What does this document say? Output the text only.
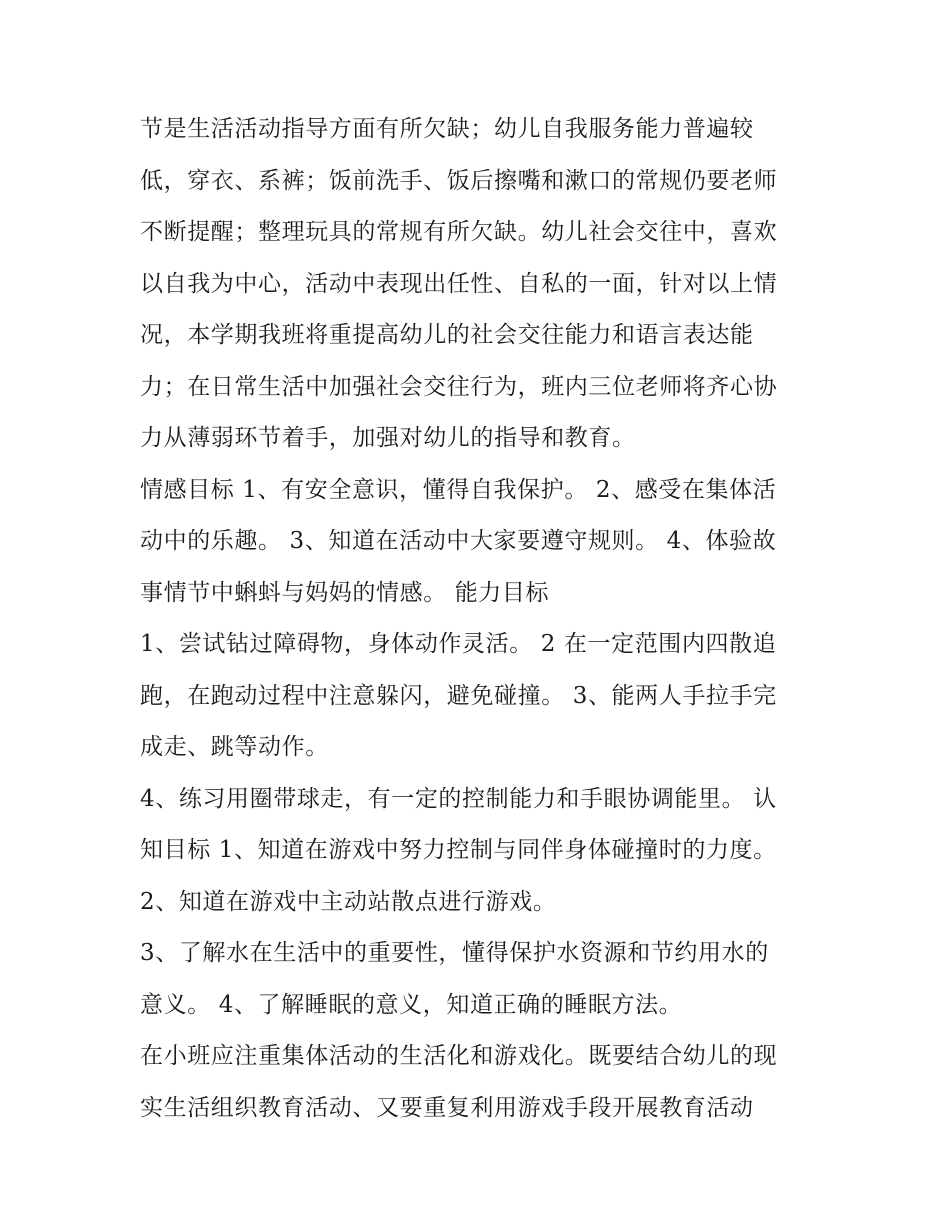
节是生活活动指导方面有所欠缺；幼儿自我服务能力普遍较
低，穿衣、系裤；饭前洗手、饭后擦嘴和漱口的常规仍要老师
不断提醒；整理玩具的常规有所欠缺。幼儿社会交往中，喜欢
以自我为中心，活动中表现出任性、自私的一面，针对以上情
况，本学期我班将重提高幼儿的社会交往能力和语言表达能
力；在日常生活中加强社会交往行为，班内三位老师将齐心协
力从薄弱环节着手，加强对幼儿的指导和教育。
情感目标 1、有安全意识，懂得自我保护。 2、感受在集体活
动中的乐趣。 3、知道在活动中大家要遵守规则。 4、体验故
事情节中蝌蚪与妈妈的情感。 能力目标
1、尝试钻过障碍物，身体动作灵活。 2 在一定范围内四散追
跑，在跑动过程中注意躲闪，避免碰撞。 3、能两人手拉手完
成走、跳等动作。
4、练习用圈带球走，有一定的控制能力和手眼协调能里。 认
知目标 1、知道在游戏中努力控制与同伴身体碰撞时的力度。
2、知道在游戏中主动站散点进行游戏。
3、了解水在生活中的重要性，懂得保护水资源和节约用水的
意义。 4、了解睡眠的意义，知道正确的睡眠方法。
在小班应注重集体活动的生活化和游戏化。既要结合幼儿的现
实生活组织教育活动、又要重复利用游戏手段开展教育活动
